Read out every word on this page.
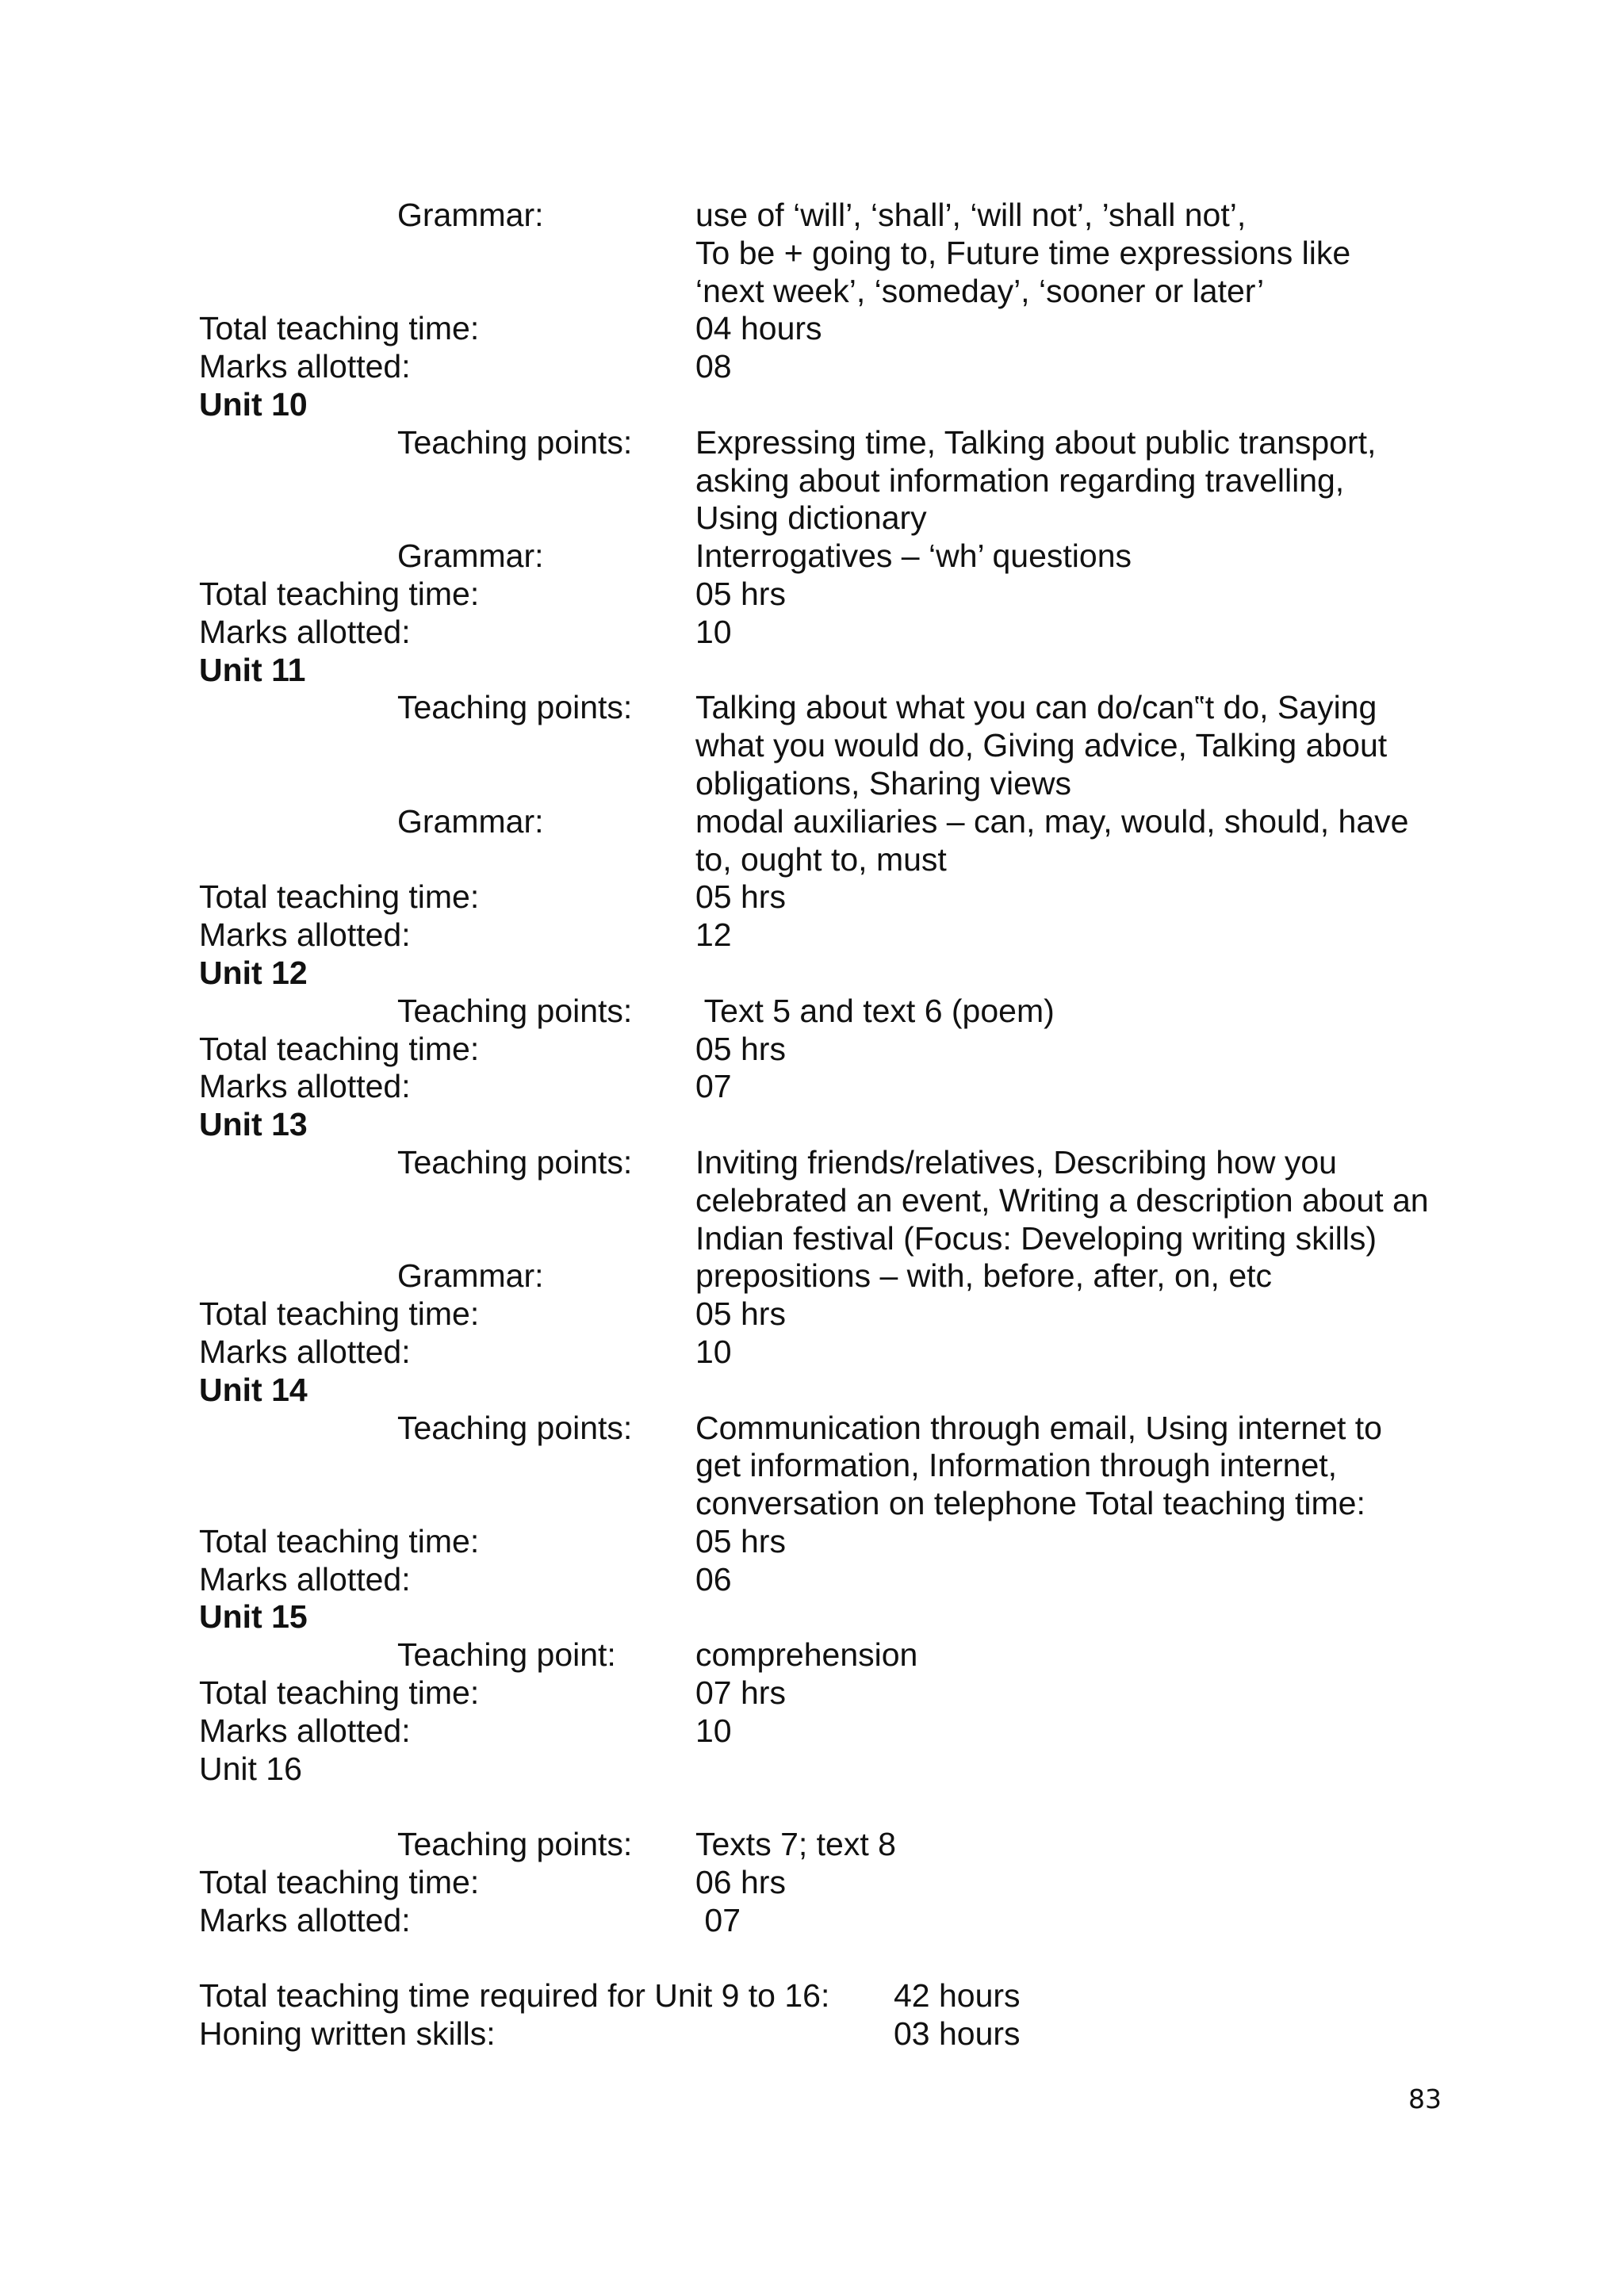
Grammar:	use of ‘will’, ‘shall’, ‘will not’, ’shall not’,
To be + going to, Future time expressions like
‘next week’, ‘someday’, ‘sooner or later’
Total teaching time:	04 hours
Marks allotted:	08
Unit 10
Teaching points:	Expressing time, Talking about public transport,
asking about information regarding travelling,
Using dictionary
Grammar:	Interrogatives – ‘wh’ questions
Total teaching time:	05 hrs
Marks allotted:	10
Unit 11
Teaching points:	Talking about what you can do/can‟t do, Saying
what you would do, Giving advice, Talking about
obligations, Sharing views
Grammar:	modal auxiliaries – can, may, would, should, have
to, ought to, must
Total teaching time:	05 hrs
Marks allotted:	12
Unit 12
Teaching points:	Text 5 and text 6 (poem)
Total teaching time:	05 hrs
Marks allotted:	07
Unit 13
Teaching points:	Inviting friends/relatives, Describing how you
celebrated an event, Writing a description about an
Indian festival (Focus: Developing writing skills)
Grammar:	prepositions – with, before, after, on, etc
Total teaching time:	05 hrs
Marks allotted:	10
Unit 14
Teaching points:	Communication through email, Using internet to
get information, Information through internet,
conversation on telephone Total teaching time:
Total teaching time:	05 hrs
Marks allotted:	06
Unit 15
Teaching point:	comprehension
Total teaching time:	07 hrs
Marks allotted:	10
Unit 16
Teaching points:	Texts 7; text 8
Total teaching time:	06 hrs
Marks allotted:	07
Total teaching time required for Unit 9 to 16:	42 hours
Honing written skills:	03 hours
83
